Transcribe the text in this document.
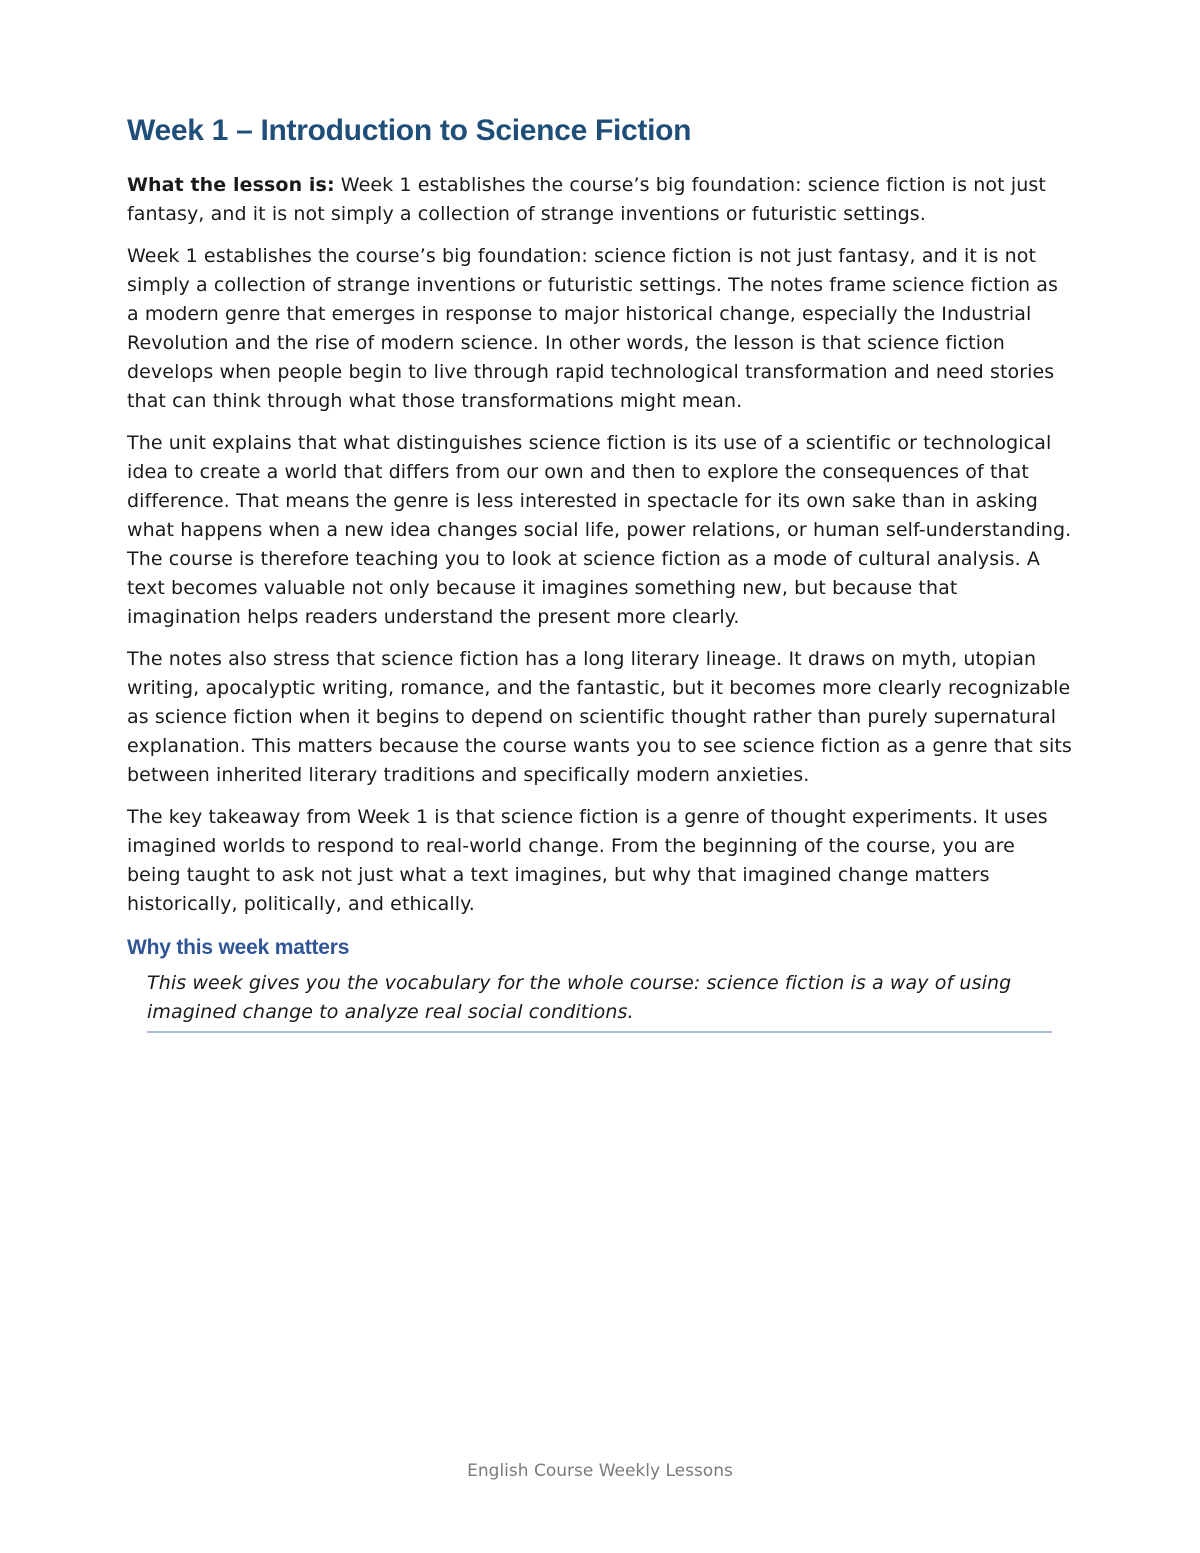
Week 1 – Introduction to Science Fiction

What the lesson is: Week 1 establishes the course’s big foundation: science fiction is not just fantasy, and it is not simply a collection of strange inventions or futuristic settings.

Week 1 establishes the course’s big foundation: science fiction is not just fantasy, and it is not simply a collection of strange inventions or futuristic settings. The notes frame science fiction as a modern genre that emerges in response to major historical change, especially the Industrial Revolution and the rise of modern science. In other words, the lesson is that science fiction develops when people begin to live through rapid technological transformation and need stories that can think through what those transformations might mean.

The unit explains that what distinguishes science fiction is its use of a scientific or technological idea to create a world that differs from our own and then to explore the consequences of that difference. That means the genre is less interested in spectacle for its own sake than in asking what happens when a new idea changes social life, power relations, or human self-understanding. The course is therefore teaching you to look at science fiction as a mode of cultural analysis. A text becomes valuable not only because it imagines something new, but because that imagination helps readers understand the present more clearly.

The notes also stress that science fiction has a long literary lineage. It draws on myth, utopian writing, apocalyptic writing, romance, and the fantastic, but it becomes more clearly recognizable as science fiction when it begins to depend on scientific thought rather than purely supernatural explanation. This matters because the course wants you to see science fiction as a genre that sits between inherited literary traditions and specifically modern anxieties.

The key takeaway from Week 1 is that science fiction is a genre of thought experiments. It uses imagined worlds to respond to real-world change. From the beginning of the course, you are being taught to ask not just what a text imagines, but why that imagined change matters historically, politically, and ethically.

Why this week matters

This week gives you the vocabulary for the whole course: science fiction is a way of using imagined change to analyze real social conditions.

English Course Weekly Lessons
